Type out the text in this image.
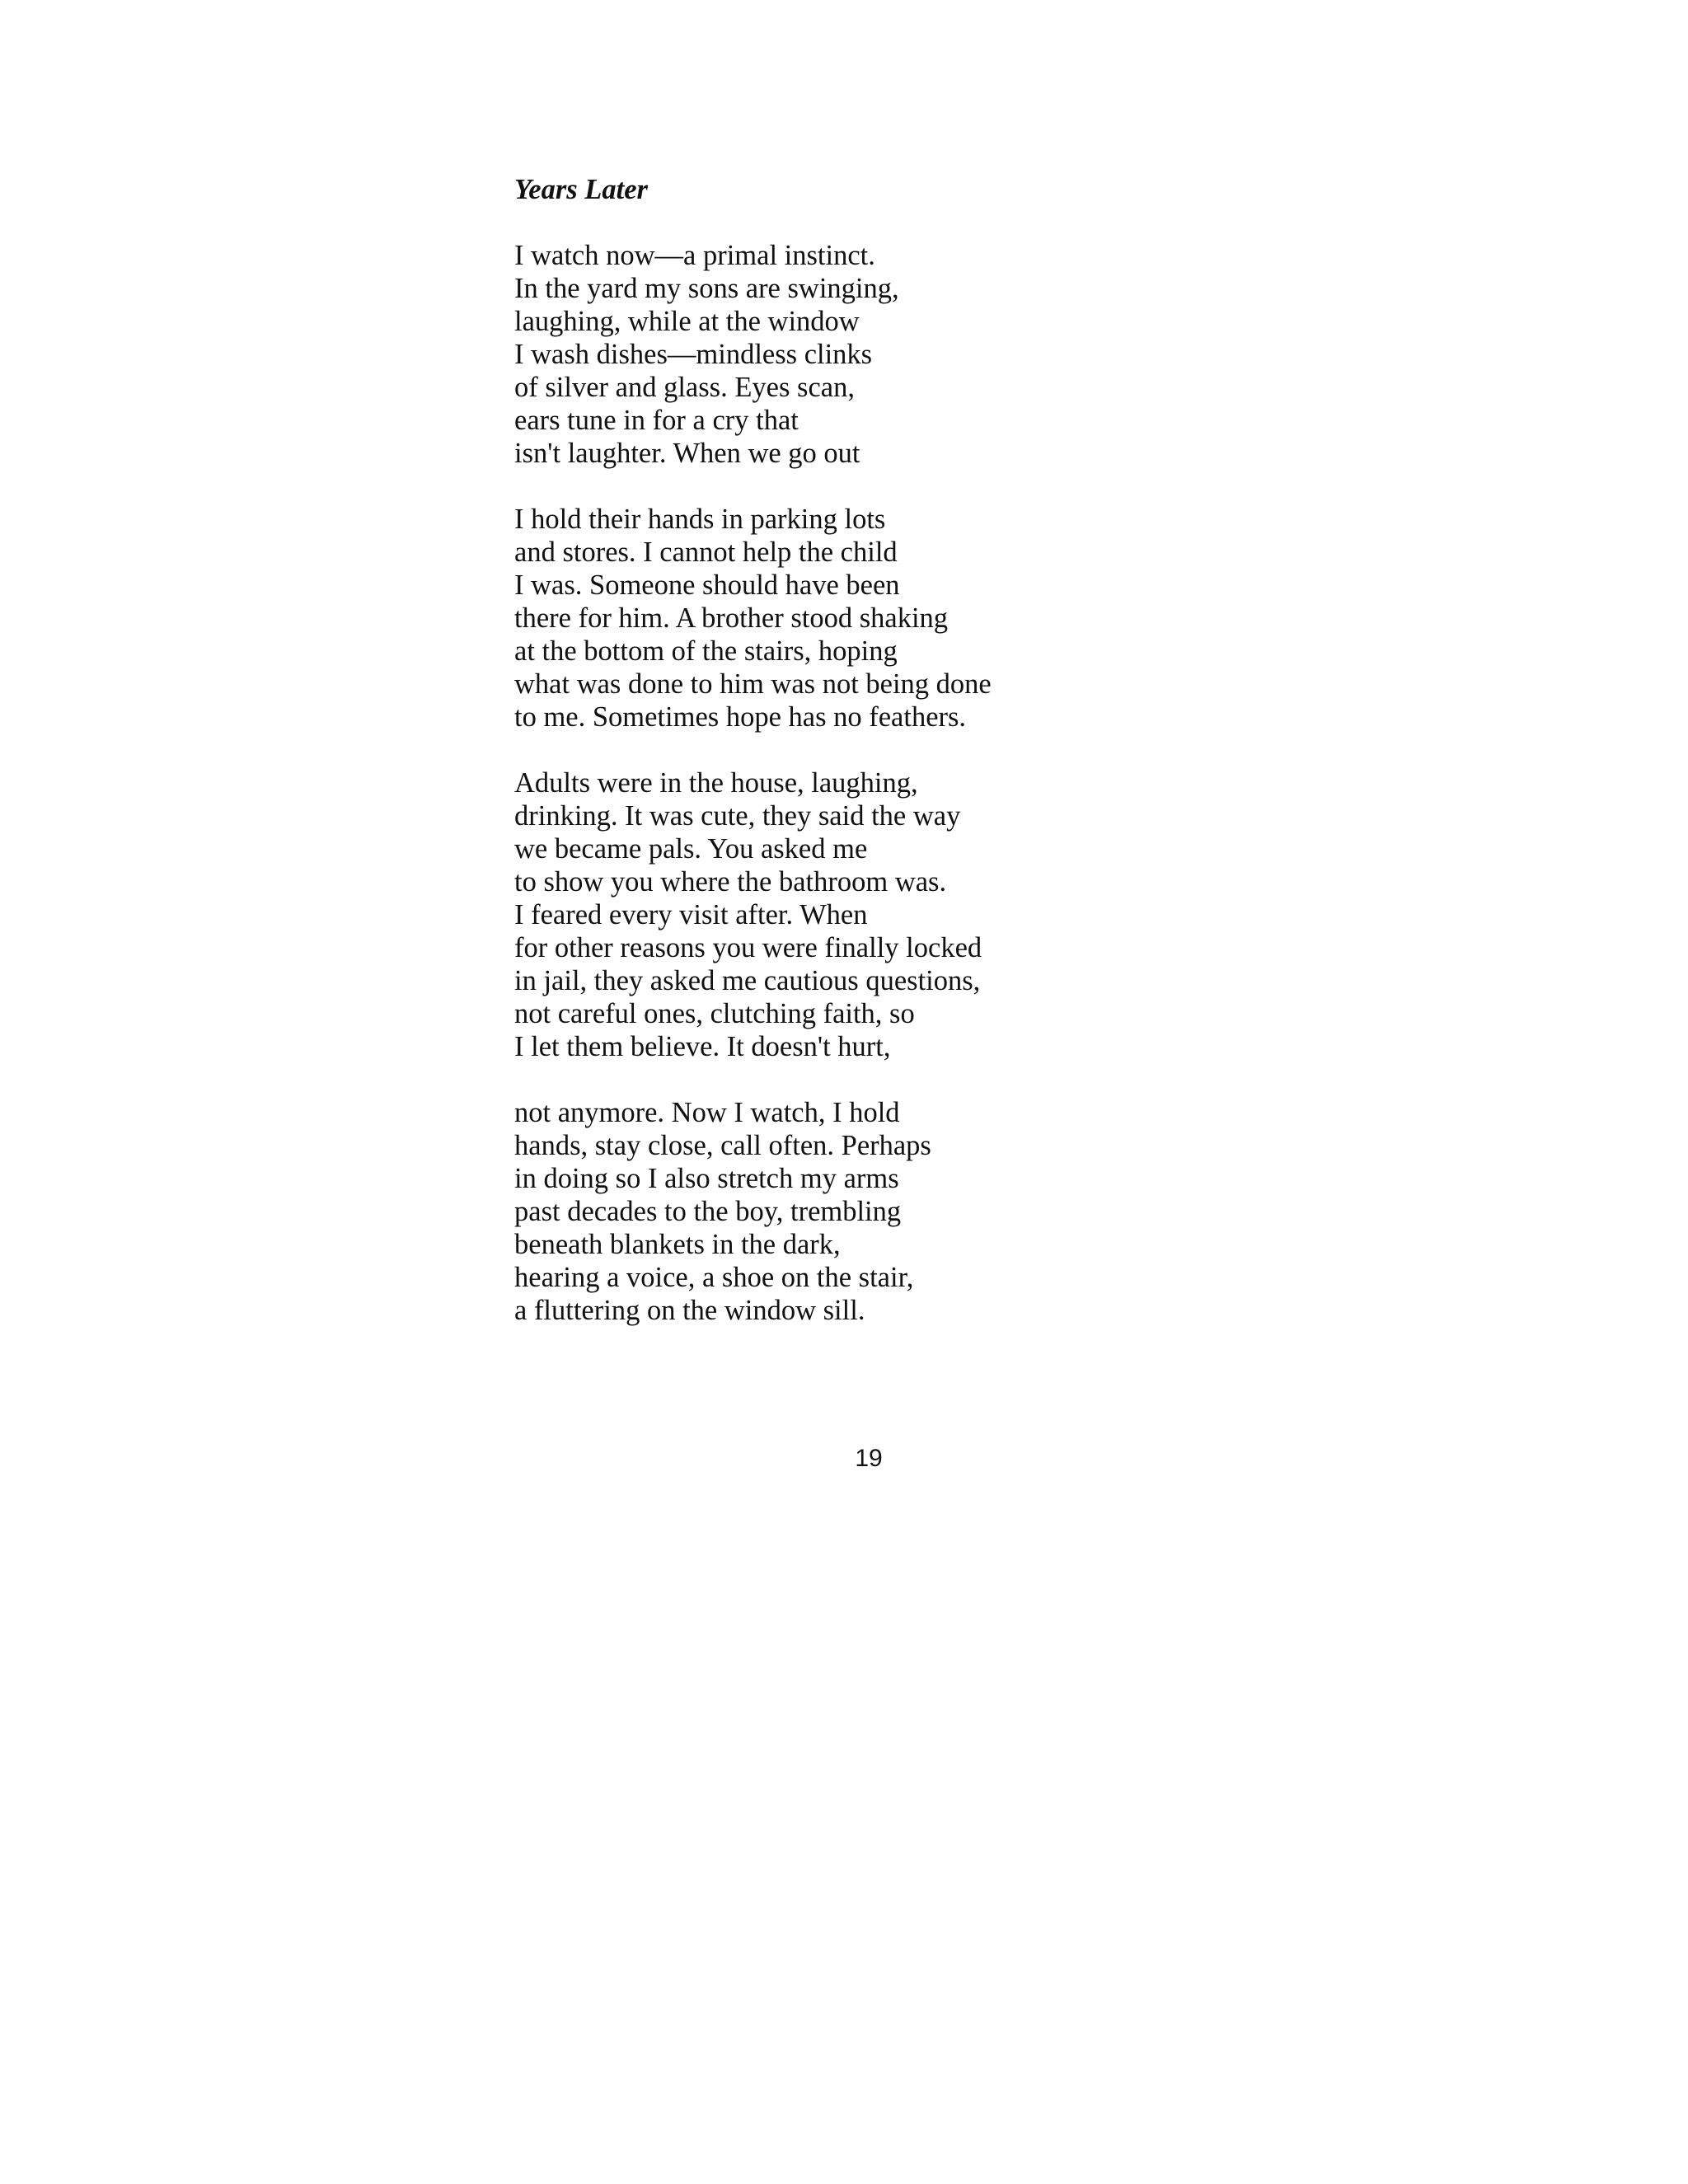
Years Later
I watch now—a primal instinct.
In the yard my sons are swinging,
laughing, while at the window
I wash dishes—mindless clinks
of silver and glass. Eyes scan,
ears tune in for a cry that
isn't laughter. When we go out
I hold their hands in parking lots
and stores. I cannot help the child
I was. Someone should have been
there for him. A brother stood shaking
at the bottom of the stairs, hoping
what was done to him was not being done
to me. Sometimes hope has no feathers.
Adults were in the house, laughing,
drinking. It was cute, they said the way
we became pals. You asked me
to show you where the bathroom was.
I feared every visit after. When
for other reasons you were finally locked
in jail, they asked me cautious questions,
not careful ones, clutching faith, so
I let them believe. It doesn't hurt,
not anymore. Now I watch, I hold
hands, stay close, call often. Perhaps
in doing so I also stretch my arms
past decades to the boy, trembling
beneath blankets in the dark,
hearing a voice, a shoe on the stair,
a fluttering on the window sill.
19
